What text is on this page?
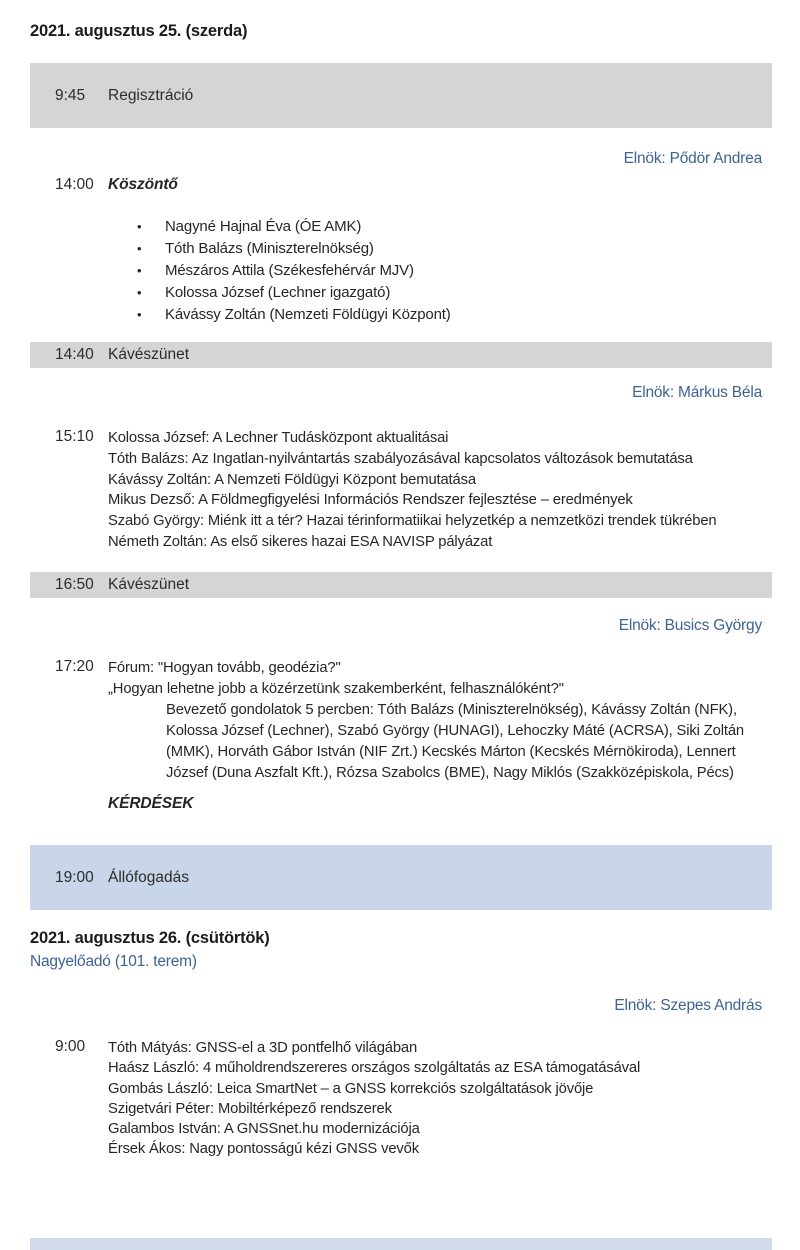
2021. augusztus 25. (szerda)
9:45	Regisztráció
Elnök: Pődör Andrea
14:00 Köszöntő
•	Nagyné Hajnal Éva (ÓE AMK)
•	Tóth Balázs (Miniszterelnökség)
•	Mészáros Attila (Székesfehérvár MJV)
•	Kolossa József (Lechner igazgató)
•	Kávássy Zoltán (Nemzeti Földügyi Központ)
14:40 Kávészünet
Elnök: Márkus Béla
15:10 Kolossa József: A Lechner Tudásközpont aktualitásai
Tóth Balázs: Az Ingatlan-nyilvántartás szabályozásával kapcsolatos változások bemutatása
Kávássy Zoltán: A Nemzeti Földügyi Központ bemutatása
Mikus Dezső: A Földmegfigyelési Információs Rendszer fejlesztése – eredmények
Szabó György: Miénk itt a tér? Hazai térinformatiikai helyzetkép a nemzetközi trendek tükrében
Németh Zoltán: As első sikeres hazai ESA NAVISP pályázat
16:50 Kávészünet
Elnök: Busics György
17:20 Fórum: "Hogyan tovább, geodézia?"
„Hogyan lehetne jobb a közérzetünk szakemberként, felhasználóként?"
Bevezető gondolatok 5 percben: Tóth Balázs (Miniszterelnökség), Kávássy Zoltán (NFK),
Kolossa József (Lechner), Szabó György (HUNAGI), Lehoczky Máté (ACRSA), Siki Zoltán
(MMK), Horváth Gábor István (NIF Zrt.) Kecskés Márton (Kecskés Mérnökiroda), Lennert
József (Duna Aszfalt Kft.), Rózsa Szabolcs (BME), Nagy Miklós (Szakközépiskola, Pécs)
KÉRDÉSEK
19:00 Állófogadás
2021. augusztus 26. (csütörtök)
Nagyelőadó (101. terem)
Elnök: Szepes András
9:00	Tóth Mátyás: GNSS-el a 3D pontfelhő világában
Haász László: 4 műholdrendszereres országos szolgáltatás az ESA támogatásával
Gombás László: Leica SmartNet – a GNSS korrekciós szolgáltatások jövője
Szigetvári Péter: Mobiltérképező rendszerek
Galambos István: A GNSSnet.hu modernizációja
Érsek Ákos: Nagy pontosságú kézi GNSS vevők
